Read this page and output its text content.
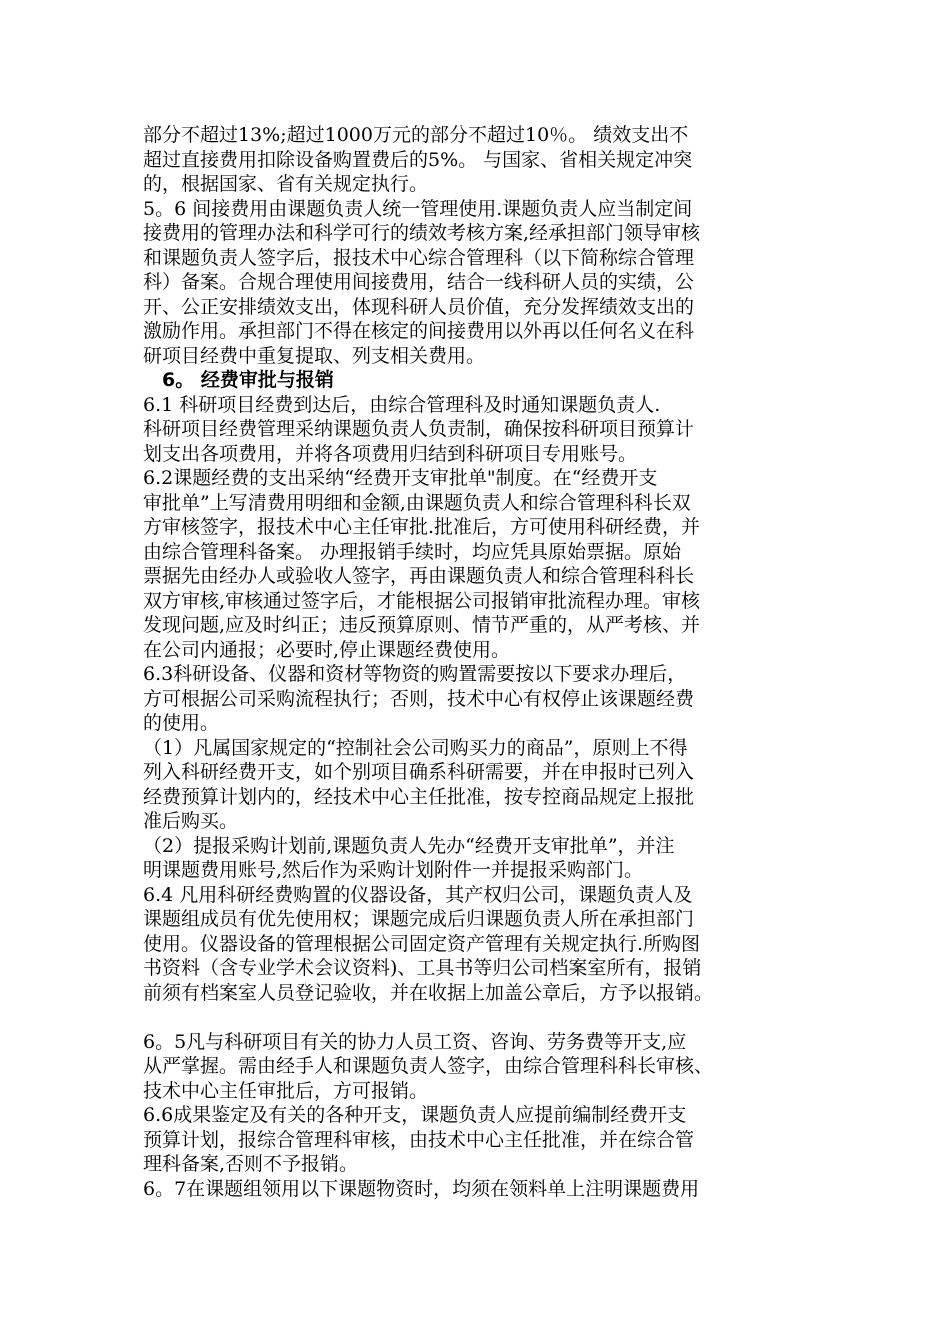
部分不超过13%;超过1000万元的部分不超过10％。 绩效支出不
超过直接费用扣除设备购置费后的5%。 与国家、省相关规定冲突
的，根据国家、省有关规定执行。
5。6 间接费用由课题负责人统一管理使用.课题负责人应当制定间
接费用的管理办法和科学可行的绩效考核方案,经承担部门领导审核
和课题负责人签字后，报技术中心综合管理科（以下简称综合管理
科）备案。合规合理使用间接费用，结合一线科研人员的实绩，公
开、公正安排绩效支出，体现科研人员价值，充分发挥绩效支出的
激励作用。承担部门不得在核定的间接费用以外再以任何名义在科
研项目经费中重复提取、列支相关费用。
6。 经费审批与报销
6.1 科研项目经费到达后，由综合管理科及时通知课题负责人.
科研项目经费管理采纳课题负责人负责制，确保按科研项目预算计
划支出各项费用，并将各项费用归结到科研项目专用账号。
6.2课题经费的支出采纳“经费开支审批单"制度。在“经费开支
审批单”上写清费用明细和金额,由课题负责人和综合管理科科长双
方审核签字，报技术中心主任审批.批准后，方可使用科研经费，并
由综合管理科备案。 办理报销手续时，均应凭具原始票据。原始
票据先由经办人或验收人签字，再由课题负责人和综合管理科科长
双方审核,审核通过签字后，才能根据公司报销审批流程办理。审核
发现问题,应及时纠正；违反预算原则、情节严重的，从严考核、并
在公司内通报；必要时,停止课题经费使用。
6.3科研设备、仪器和资材等物资的购置需要按以下要求办理后，
方可根据公司采购流程执行；否则，技术中心有权停止该课题经费
的使用。
（1）凡属国家规定的“控制社会公司购买力的商品”，原则上不得
列入科研经费开支，如个别项目确系科研需要，并在申报时已列入
经费预算计划内的，经技术中心主任批准，按专控商品规定上报批
准后购买。
（2）提报采购计划前,课题负责人先办“经费开支审批单”，并注
明课题费用账号,然后作为采购计划附件一并提报采购部门。
6.4 凡用科研经费购置的仪器设备，其产权归公司，课题负责人及
课题组成员有优先使用权；课题完成后归课题负责人所在承担部门
使用。仪器设备的管理根据公司固定资产管理有关规定执行.所购图
书资料（含专业学术会议资料)、工具书等归公司档案室所有，报销
前须有档案室人员登记验收，并在收据上加盖公章后，方予以报销。
6。5凡与科研项目有关的协力人员工资、咨询、劳务费等开支,应
从严掌握。需由经手人和课题负责人签字，由综合管理科科长审核、
技术中心主任审批后，方可报销。
6.6成果鉴定及有关的各种开支，课题负责人应提前编制经费开支
预算计划，报综合管理科审核，由技术中心主任批准，并在综合管
理科备案,否则不予报销。
6。7在课题组领用以下课题物资时，均须在领料单上注明课题费用
